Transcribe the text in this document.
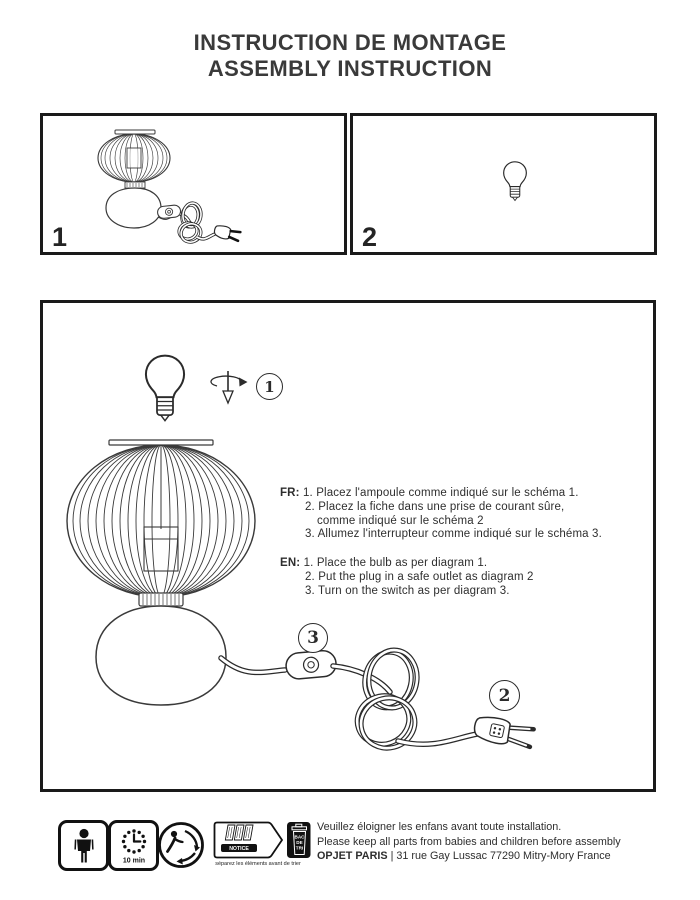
INSTRUCTION DE MONTAGE
ASSEMBLY INSTRUCTION
1	2
1
3
2
FR: 1. Placez l'ampoule comme indiqué sur le schéma 1.
2. Placez la fiche dans une prise de courant sûre,
comme indiqué sur le schéma 2
3. Allumez l'interrupteur comme indiqué sur le schéma 3.
EN: 1. Place the bulb as per diagram 1.
2. Put the plug in a safe outlet as diagram 2
3. Turn on the switch as per diagram 3.
10 min
NOTICE
BAC
DE
TRI
séparez les éléments avant de trier
Veuillez éloigner les enfans avant toute installation.
Please keep all parts from babies and children before assembly
OPJET PARIS | 31 rue Gay Lussac 77290 Mitry-Mory France
